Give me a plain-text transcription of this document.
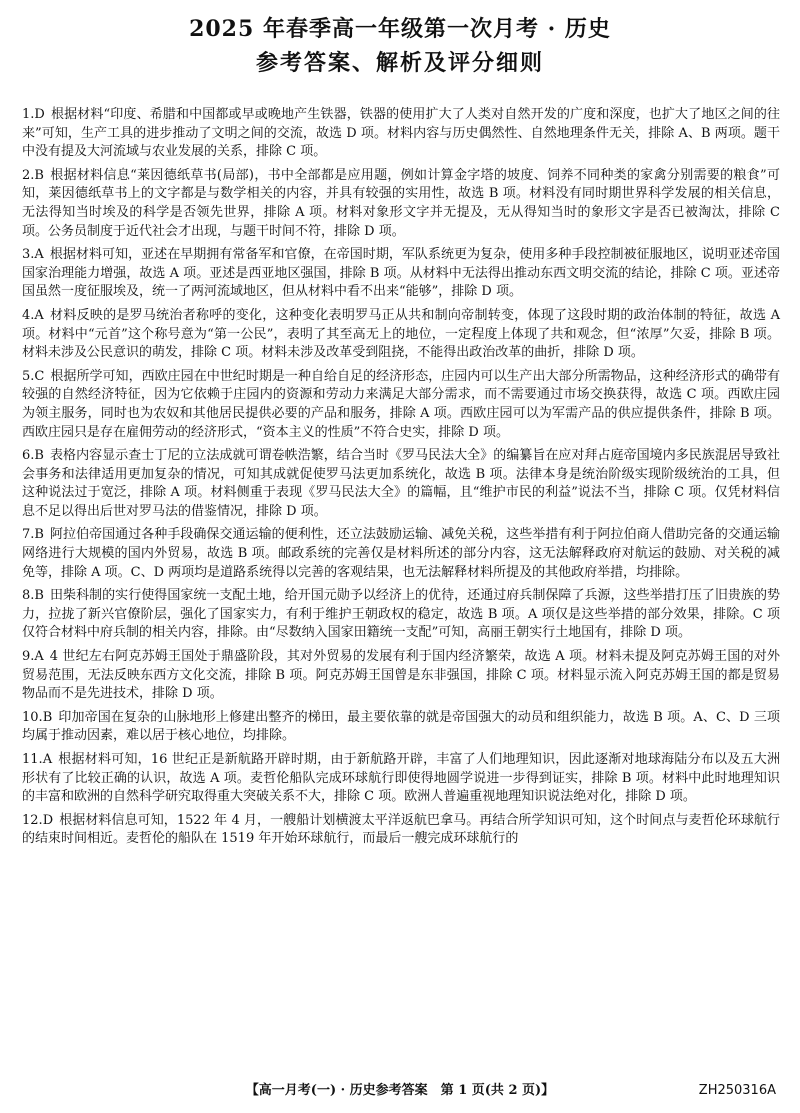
2025 年春季高一年级第一次月考 · 历史
参考答案、解析及评分细则

1.D 根据材料“印度、希腊和中国都或早或晚地产生铁器，铁器的使用扩大了人类对自然开发的广度和深度，也扩大了地区之间的往来”可知，生产工具的进步推动了文明之间的交流，故选 D 项。材料内容与历史偶然性、自然地理条件无关，排除 A、B 两项。题干中没有提及大河流域与农业发展的关系，排除 C 项。

2.B 根据材料信息“莱因德纸草书(局部)，书中全部都是应用题，例如计算金字塔的坡度、饲养不同种类的家禽分别需要的粮食”可知，莱因德纸草书上的文字都是与数学相关的内容，并具有较强的实用性，故选 B 项。材料没有同时期世界科学发展的相关信息，无法得知当时埃及的科学是否领先世界，排除 A 项。材料对象形文字并无提及，无从得知当时的象形文字是否已被淘汰，排除 C 项。公务员制度于近代社会才出现，与题干时间不符，排除 D 项。

3.A 根据材料可知，亚述在早期拥有常备军和官僚，在帝国时期，军队系统更为复杂，使用多种手段控制被征服地区，说明亚述帝国国家治理能力增强，故选 A 项。亚述是西亚地区强国，排除 B 项。从材料中无法得出推动东西文明交流的结论，排除 C 项。亚述帝国虽然一度征服埃及，统一了两河流域地区，但从材料中看不出来“能够”，排除 D 项。

4.A 材料反映的是罗马统治者称呼的变化，这种变化表明罗马正从共和制向帝制转变，体现了这段时期的政治体制的特征，故选 A 项。材料中“元首”这个称号意为“第一公民”，表明了其至高无上的地位，一定程度上体现了共和观念，但“浓厚”欠妥，排除 B 项。材料未涉及公民意识的萌发，排除 C 项。材料未涉及改革受到阻挠，不能得出政治改革的曲折，排除 D 项。

5.C 根据所学可知，西欧庄园在中世纪时期是一种自给自足的经济形态，庄园内可以生产出大部分所需物品，这种经济形式的确带有较强的自然经济特征，因为它依赖于庄园内的资源和劳动力来满足大部分需求，而不需要通过市场交换获得，故选 C 项。西欧庄园为领主服务，同时也为农奴和其他居民提供必要的产品和服务，排除 A 项。西欧庄园可以为军需产品的供应提供条件，排除 B 项。西欧庄园只是存在雇佣劳动的经济形式，“资本主义的性质”不符合史实，排除 D 项。

6.B 表格内容显示查士丁尼的立法成就可谓卷帙浩繁，结合当时《罗马民法大全》的编纂旨在应对拜占庭帝国境内多民族混居导致社会事务和法律适用更加复杂的情况，可知其成就促使罗马法更加系统化，故选 B 项。法律本身是统治阶级实现阶级统治的工具，但这种说法过于宽泛，排除 A 项。材料侧重于表现《罗马民法大全》的篇幅，且“维护市民的利益”说法不当，排除 C 项。仅凭材料信息不足以得出后世对罗马法的借鉴情况，排除 D 项。

7.B 阿拉伯帝国通过各种手段确保交通运输的便利性，还立法鼓励运输、减免关税，这些举措有利于阿拉伯商人借助完备的交通运输网络进行大规模的国内外贸易，故选 B 项。邮政系统的完善仅是材料所述的部分内容，这无法解释政府对航运的鼓励、对关税的减免等，排除 A 项。C、D 两项均是道路系统得以完善的客观结果，也无法解释材料所提及的其他政府举措，均排除。

8.B 田柴科制的实行使得国家统一支配土地，给开国元勋予以经济上的优待，还通过府兵制保障了兵源，这些举措打压了旧贵族的势力，拉拢了新兴官僚阶层，强化了国家实力，有利于维护王朝政权的稳定，故选 B 项。A 项仅是这些举措的部分效果，排除。C 项仅符合材料中府兵制的相关内容，排除。由“尽数纳入国家田籍统一支配”可知，高丽王朝实行土地国有，排除 D 项。

9.A 4 世纪左右阿克苏姆王国处于鼎盛阶段，其对外贸易的发展有利于国内经济繁荣，故选 A 项。材料未提及阿克苏姆王国的对外贸易范围，无法反映东西方文化交流，排除 B 项。阿克苏姆王国曾是东非强国，排除 C 项。材料显示流入阿克苏姆王国的都是贸易物品而不是先进技术，排除 D 项。

10.B 印加帝国在复杂的山脉地形上修建出整齐的梯田，最主要依靠的就是帝国强大的动员和组织能力，故选 B 项。A、C、D 三项均属于推动因素，难以居于核心地位，均排除。

11.A 根据材料可知，16 世纪正是新航路开辟时期，由于新航路开辟，丰富了人们地理知识，因此逐渐对地球海陆分布以及五大洲形状有了比较正确的认识，故选 A 项。麦哲伦船队完成环球航行即使得地圆学说进一步得到证实，排除 B 项。材料中此时地理知识的丰富和欧洲的自然科学研究取得重大突破关系不大，排除 C 项。欧洲人普遍重视地理知识说法绝对化，排除 D 项。

12.D 根据材料信息可知，1522 年 4 月，一艘船计划横渡太平洋返航巴拿马。再结合所学知识可知，这个时间点与麦哲伦环球航行的结束时间相近。麦哲伦的船队在 1519 年开始环球航行，而最后一艘完成环球航行的

【高一月考(一) · 历史参考答案　第 1 页(共 2 页)】	ZH250316A
